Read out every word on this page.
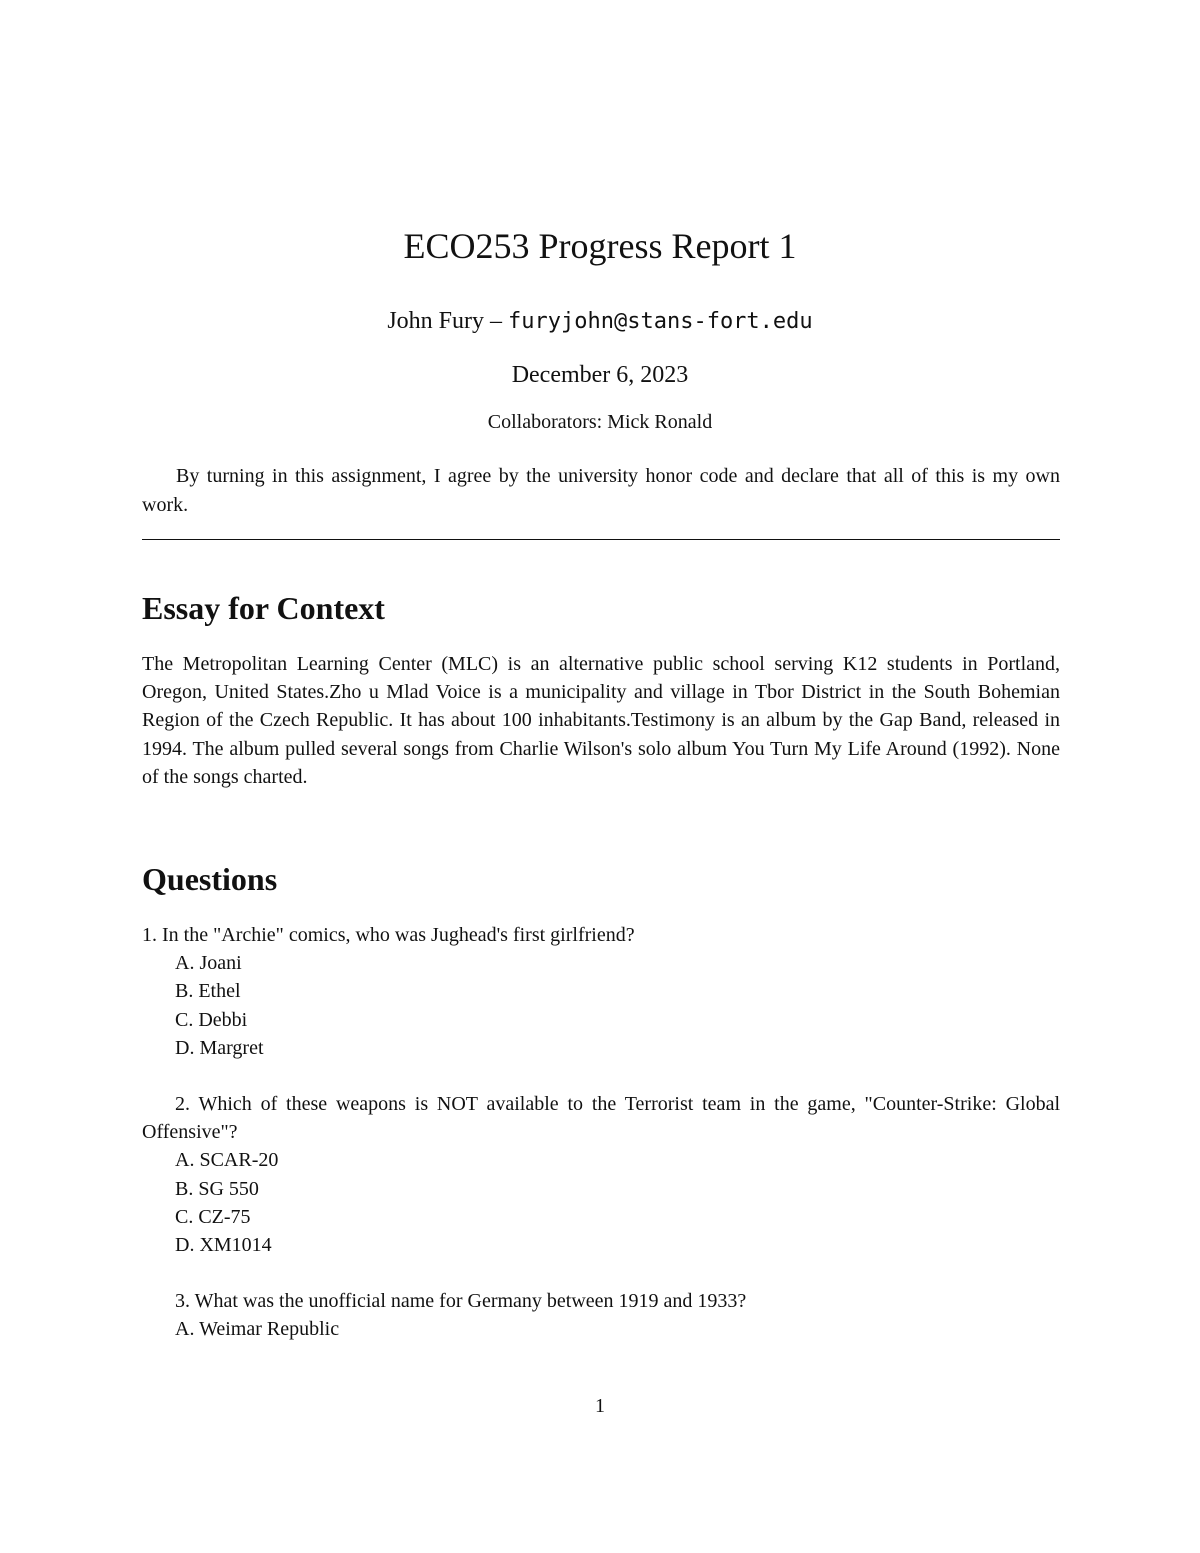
ECO253 Progress Report 1
John Fury – furyjohn@stans-fort.edu
December 6, 2023
Collaborators: Mick Ronald

By turning in this assignment, I agree by the university honor code and declare that all of this is my own work.

Essay for Context

The Metropolitan Learning Center (MLC) is an alternative public school serving K12 students in Portland, Oregon, United States.Zho u Mlad Voice is a municipality and village in Tbor District in the South Bohemian Region of the Czech Republic. It has about 100 inhabitants.Testimony is an album by the Gap Band, released in 1994. The album pulled several songs from Charlie Wilson's solo album You Turn My Life Around (1992). None of the songs charted.

Questions

1. In the "Archie" comics, who was Jughead's first girlfriend?

A. Joani

B. Ethel

C. Debbi

D. Margret

2. Which of these weapons is NOT available to the Terrorist team in the game, "Counter-Strike: Global Offensive"?

A. SCAR-20

B. SG 550

C. CZ-75

D. XM1014

3. What was the unofficial name for Germany between 1919 and 1933?

A. Weimar Republic

1
